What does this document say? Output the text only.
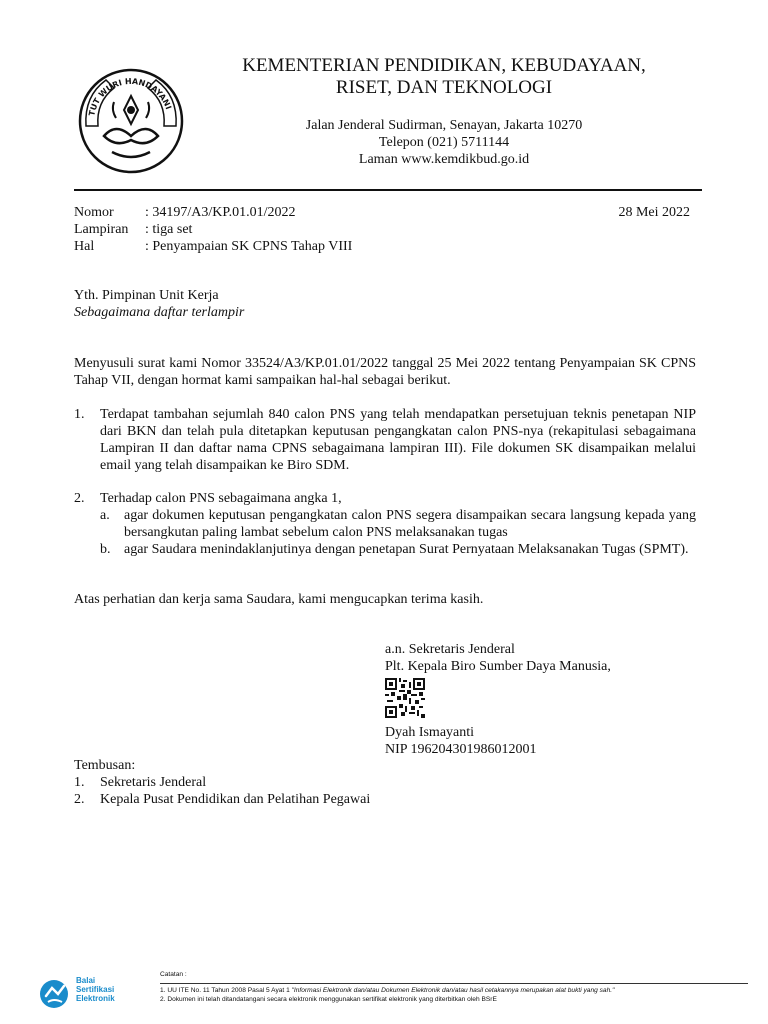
TUT WURI HANDAYANI
KEMENTERIAN PENDIDIKAN, KEBUDAYAAN,
RISET, DAN TEKNOLOGI
Jalan Jenderal Sudirman, Senayan, Jakarta 10270
Telepon (021) 5711144
Laman www.kemdikbud.go.id
Nomor	: 34197/A3/KP.01.01/2022
Lampiran	: tiga set
Hal	: Penyampaian SK CPNS Tahap VIII
28 Mei 2022
Yth. Pimpinan Unit Kerja
Sebagaimana daftar terlampir
Menyusuli surat kami Nomor 33524/A3/KP.01.01/2022 tanggal 25 Mei 2022 tentang Penyampaian SK CPNS Tahap VII, dengan hormat kami sampaikan hal-hal sebagai berikut.
1. Terdapat tambahan sejumlah 840 calon PNS yang telah mendapatkan persetujuan teknis penetapan NIP dari BKN dan telah pula ditetapkan keputusan pengangkatan calon PNS-nya (rekapitulasi sebagaimana Lampiran II dan daftar nama CPNS sebagaimana lampiran III). File dokumen SK disampaikan melalui email yang telah disampaikan ke Biro SDM.
2. Terhadap calon PNS sebagaimana angka 1,
a. agar dokumen keputusan pengangkatan calon PNS segera disampaikan secara langsung kepada yang bersangkutan paling lambat sebelum calon PNS melaksanakan tugas
b. agar Saudara menindaklanjutinya dengan penetapan Surat Pernyataan Melaksanakan Tugas (SPMT).
Atas perhatian dan kerja sama Saudara, kami mengucapkan terima kasih.
a.n. Sekretaris Jenderal
Plt. Kepala Biro Sumber Daya Manusia,
Dyah Ismayanti
NIP 196204301986012001
Tembusan:
1. Sekretaris Jenderal
2. Kepala Pusat Pendidikan dan Pelatihan Pegawai
Balai
Sertifikasi
Elektronik
Catatan :
1. UU ITE No. 11 Tahun 2008 Pasal 5 Ayat 1 "Informasi Elektronik dan/atau Dokumen Elektronik dan/atau hasil cetakannya merupakan alat bukti yang sah."
2. Dokumen ini telah ditandatangani secara elektronik menggunakan sertifikat elektronik yang diterbitkan oleh BSrE
